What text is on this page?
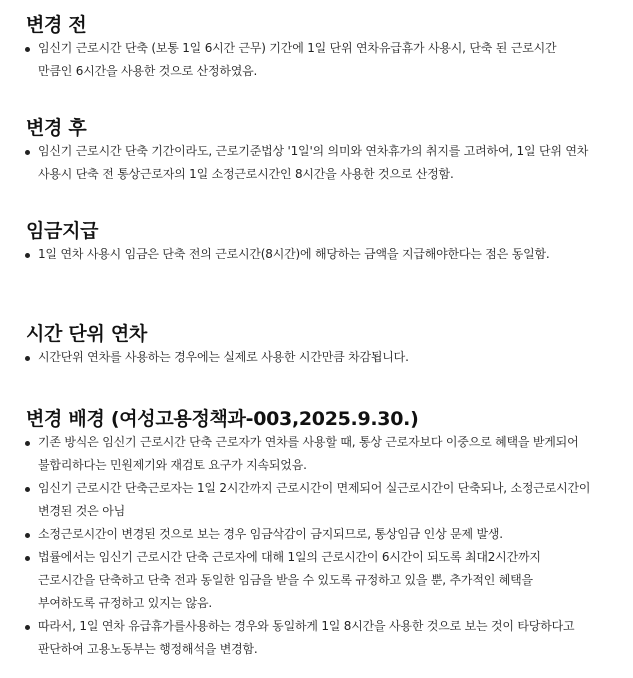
변경 전
임신기 근로시간 단축 (보통 1일 6시간 근무) 기간에 1일 단위 연차유급휴가 사용시, 단축 된 근로시간 만큼인 6시간을 사용한 것으로 산정하였음.
변경 후
임신기 근로시간 단축 기간이라도, 근로기준법상 '1일'의 의미와 연차휴가의 취지를 고려하여, 1일 단위 연차 사용시 단축 전 통상근로자의 1일 소정근로시간인 8시간을 사용한 것으로 산정함.
임금지급
1일 연차 사용시 임금은 단축 전의 근로시간(8시간)에 해당하는 금액을 지급해야한다는 점은 동일함.
시간 단위 연차
시간단위 연차를 사용하는 경우에는 실제로 사용한 시간만큼 차감됩니다.
변경 배경 (여성고용정책과-003,2025.9.30.)
기존 방식은 임신기 근로시간 단축 근로자가 연차를 사용할 때, 통상 근로자보다 이중으로 혜택을 받게되어 불합리하다는 민원제기와 재검토 요구가 지속되었음.
임신기 근로시간 단축근로자는 1일 2시간까지 근로시간이 면제되어 실근로시간이 단축되나, 소정근로시간이 변경된 것은 아님
소정근로시간이 변경된 것으로 보는 경우 임금삭감이 금지되므로, 통상임금 인상 문제 발생.
법률에서는 임신기 근로시간 단축 근로자에 대해 1일의 근로시간이 6시간이 되도록 최대2시간까지 근로시간을 단축하고 단축 전과 동일한 임금을 받을 수 있도록 규정하고 있을 뿐, 추가적인 혜택을 부여하도록 규정하고 있지는 않음.
따라서, 1일 연차 유급휴가를사용하는 경우와 동일하게 1일 8시간을 사용한 것으로 보는 것이 타당하다고 판단하여 고용노동부는 행정해석을 변경함.
